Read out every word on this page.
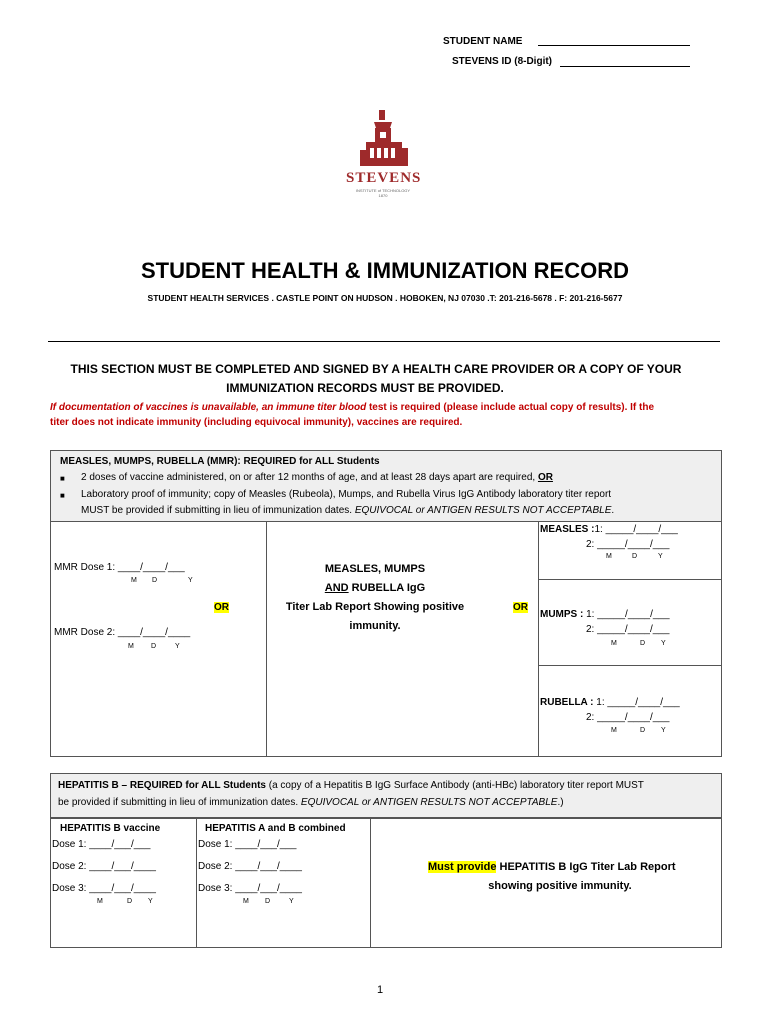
STUDENT NAME
STEVENS ID (8-Digit)
STEVENS
INSTITUTE of TECHNOLOGY
1870
STUDENT HEALTH & IMMUNIZATION RECORD
STUDENT HEALTH SERVICES . CASTLE POINT ON HUDSON . HOBOKEN, NJ 07030 .T: 201-216-5678 . F: 201-216-5677
THIS SECTION MUST BE COMPLETED AND SIGNED BY A HEALTH CARE PROVIDER OR A COPY OF YOUR
IMMUNIZATION RECORDS MUST BE PROVIDED.
If documentation of vaccines is unavailable, an immune titer blood test is required (please include actual copy of results). If the
titer does not indicate immunity (including equivocal immunity), vaccines are required.
MEASLES, MUMPS, RUBELLA (MMR): REQUIRED for ALL Students
■ 2 doses of vaccine administered, on or after 12 months of age, and at least 28 days apart are required, OR
■ Laboratory proof of immunity; copy of Measles (Rubeola), Mumps, and Rubella Virus IgG Antibody laboratory titer report
MUST be provided if submitting in lieu of immunization dates. EQUIVOCAL or ANTIGEN RESULTS NOT ACCEPTABLE.
MMR Dose 1: ____/____/___
M D	Y
MMR Dose 2: ____/____/____
M D	Y
OR	OR
MEASLES, MUMPS
AND RUBELLA IgG
Titer Lab Report Showing positive
immunity.
MEASLES :1: _____/____/___
2: _____/____/___
M	D	Y
MUMPS : 1: _____/____/___
2: _____/____/___
M	D Y
RUBELLA : 1: _____/____/___
2: _____/____/___
M	D Y
HEPATITIS B – REQUIRED for ALL Students (a copy of a Hepatitis B IgG Surface Antibody (anti-HBc) laboratory titer report MUST
be provided if submitting in lieu of immunization dates. EQUIVOCAL or ANTIGEN RESULTS NOT ACCEPTABLE.)
HEPATITIS B vaccine	HEPATITIS A and B combined
Dose 1: ____/___/___
Dose 2: ____/___/____
Dose 3: ____/___/____
M	D Y
Dose 1: ____/___/___
Dose 2: ____/___/____
Dose 3: ____/___/____
M D	Y
Must provide HEPATITIS B IgG Titer Lab Report
showing positive immunity.
1
